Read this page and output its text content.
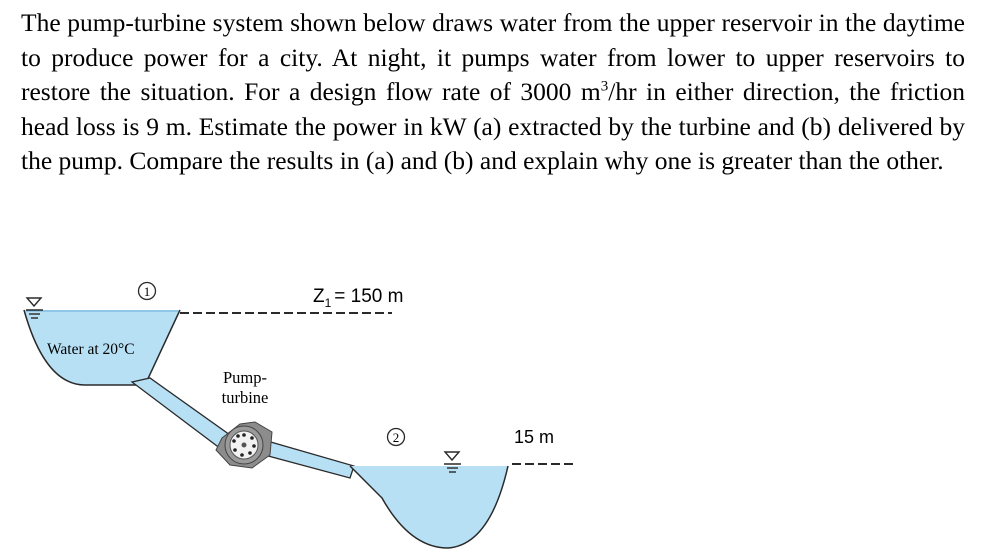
The pump-turbine system shown below draws water from the upper reservoir in the daytime to produce power for a city. At night, it pumps water from lower to upper reservoirs to restore the situation. For a design flow rate of 3000 $m^3/hr$ in either direction, the friction head loss is 9 m. Estimate the power in kW (a) extracted by the turbine and (b) delivered by the pump. Compare the results in (a) and (b) and explain why one is greater than the other.

1
2
$Z_1 = 150$ m
Water at 20°C
Pump-
turbine
15 m
